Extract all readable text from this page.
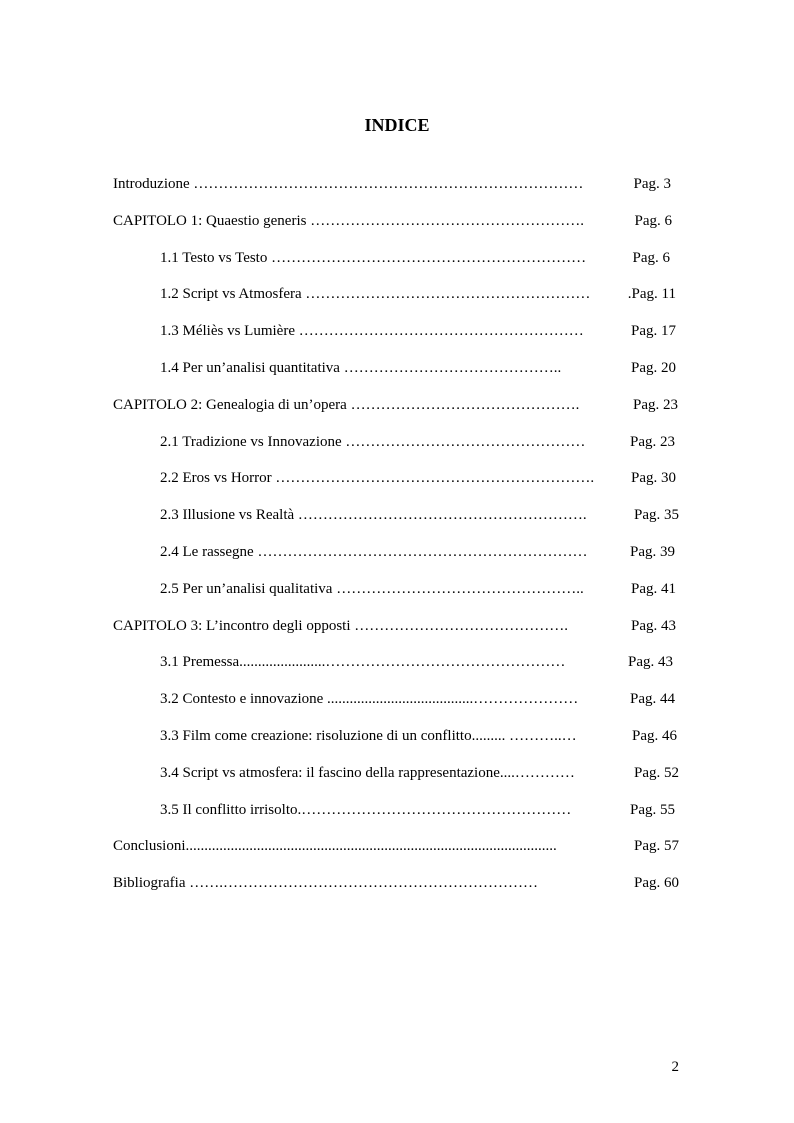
INDICE
Introduzione ……………………………………………………………………	Pag. 3
CAPITOLO 1: Quaestio generis ……………………………………………….	Pag. 6
1.1 Testo vs Testo ………………………………………………………	Pag. 6
1.2 Script vs Atmosfera ………………………………………………… .Pag. 11
1.3 Méliès vs Lumière …………………………………………………	Pag. 17
1.4 Per un’analisi quantitativa ……………………………………..	Pag. 20
CAPITOLO 2: Genealogia di un’opera ……………………………………….	Pag. 23
2.1 Tradizione vs Innovazione …………………………………………	Pag. 23
2.2 Eros vs Horror ………………………………………………………. Pag. 30
2.3 Illusione vs Realtà ………………………………………………….	Pag. 35
2.4 Le rassegne …………………………………………………………	Pag. 39
2.5 Per un’analisi qualitativa …………………………………………..	Pag. 41
CAPITOLO 3: L’incontro degli opposti …………………………………….	Pag. 43
3.1 Premessa.......................…………………………………………	Pag. 43
3.2 Contesto e innovazione .......................................…………………	Pag. 44
3.3 Film come creazione: risoluzione di un conflitto......... ………..…	Pag. 46
3.4 Script vs atmosfera: il fascino della rappresentazione....…………	Pag. 52
3.5 Il conflitto irrisolto.………………………………………………	Pag. 55
Conclusioni...................................................................................................	Pag. 57
Bibliografia …….………………………………………………………	Pag. 60
2
